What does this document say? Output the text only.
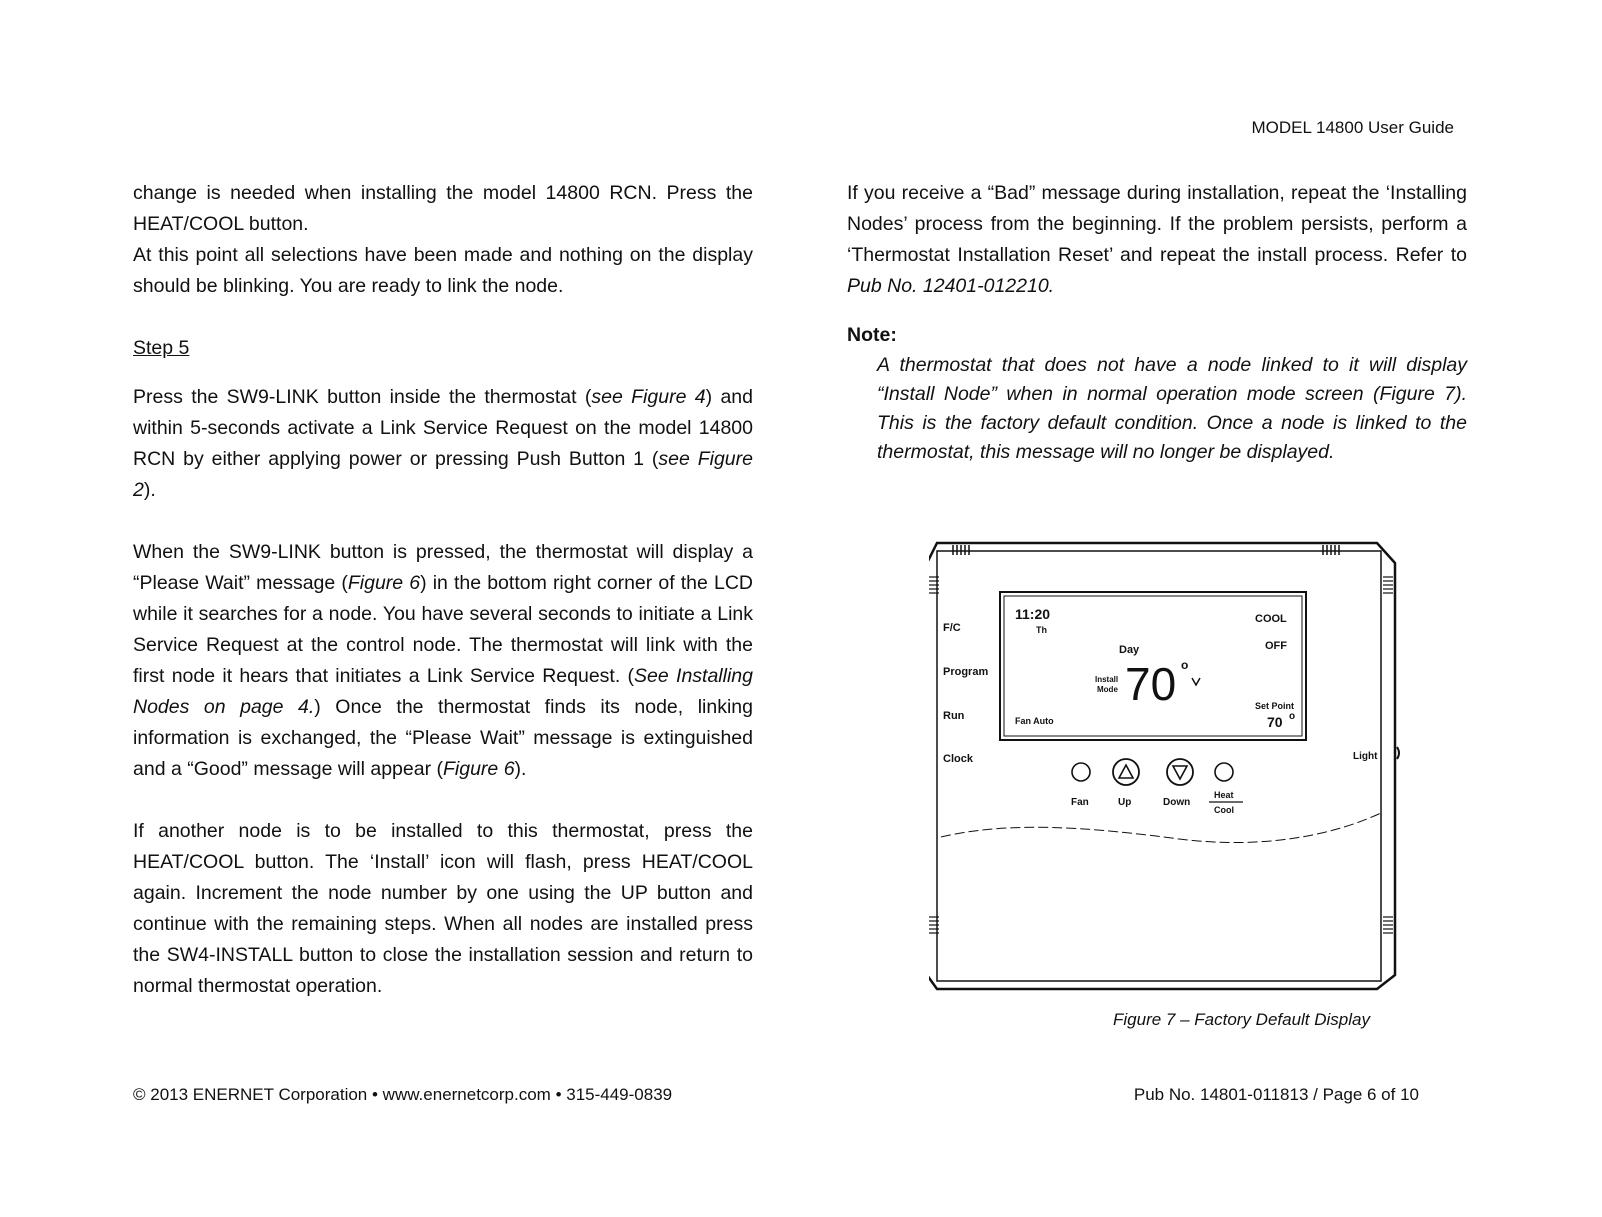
MODEL 14800 User Guide

change is needed when installing the model 14800 RCN. Press the HEAT/COOL button.

At this point all selections have been made and nothing on the display should be blinking. You are ready to link the node.

Step 5

Press the SW9-LINK button inside the thermostat (see Figure 4) and within 5-seconds activate a Link Service Request on the model 14800 RCN by either applying power or pressing Push Button 1 (see Figure 2).

When the SW9-LINK button is pressed, the thermostat will display a “Please Wait” message (Figure 6) in the bottom right corner of the LCD while it searches for a node. You have several seconds to initiate a Link Service Request at the control node. The thermostat will link with the first node it hears that initiates a Link Service Request. (See Installing Nodes on page 4.) Once the thermostat finds its node, linking information is exchanged, the “Please Wait” message is extinguished and a “Good” message will appear (Figure 6).

If another node is to be installed to this thermostat, press the HEAT/COOL button. The ‘Install’ icon will flash, press HEAT/COOL again. Increment the node number by one using the UP button and continue with the remaining steps. When all nodes are installed press the SW4-INSTALL button to close the installation session and return to normal thermostat operation.

If you receive a “Bad” message during installation, repeat the ‘Installing Nodes’ process from the beginning. If the problem persists, perform a ‘Thermostat Installation Reset’ and repeat the install process. Refer to Pub No. 12401-012210.

Note:

A thermostat that does not have a node linked to it will display “Install Node” when in normal operation mode screen (Figure 7). This is the factory default condition. Once a node is linked to the thermostat, this message will no longer be displayed.

F/C
Program
Run
Clock	Light
11:20
Th
Day
COOL
OFF
Install
Mode 70 o
Fan Auto
Set Point
70 o
Fan	Up	Down
Heat
Cool
Figure 7 – Factory Default Display
© 2013 ENERNET Corporation • www.enernetcorp.com • 315-449-0839	Pub No. 14801-011813 / Page 6 of 10
